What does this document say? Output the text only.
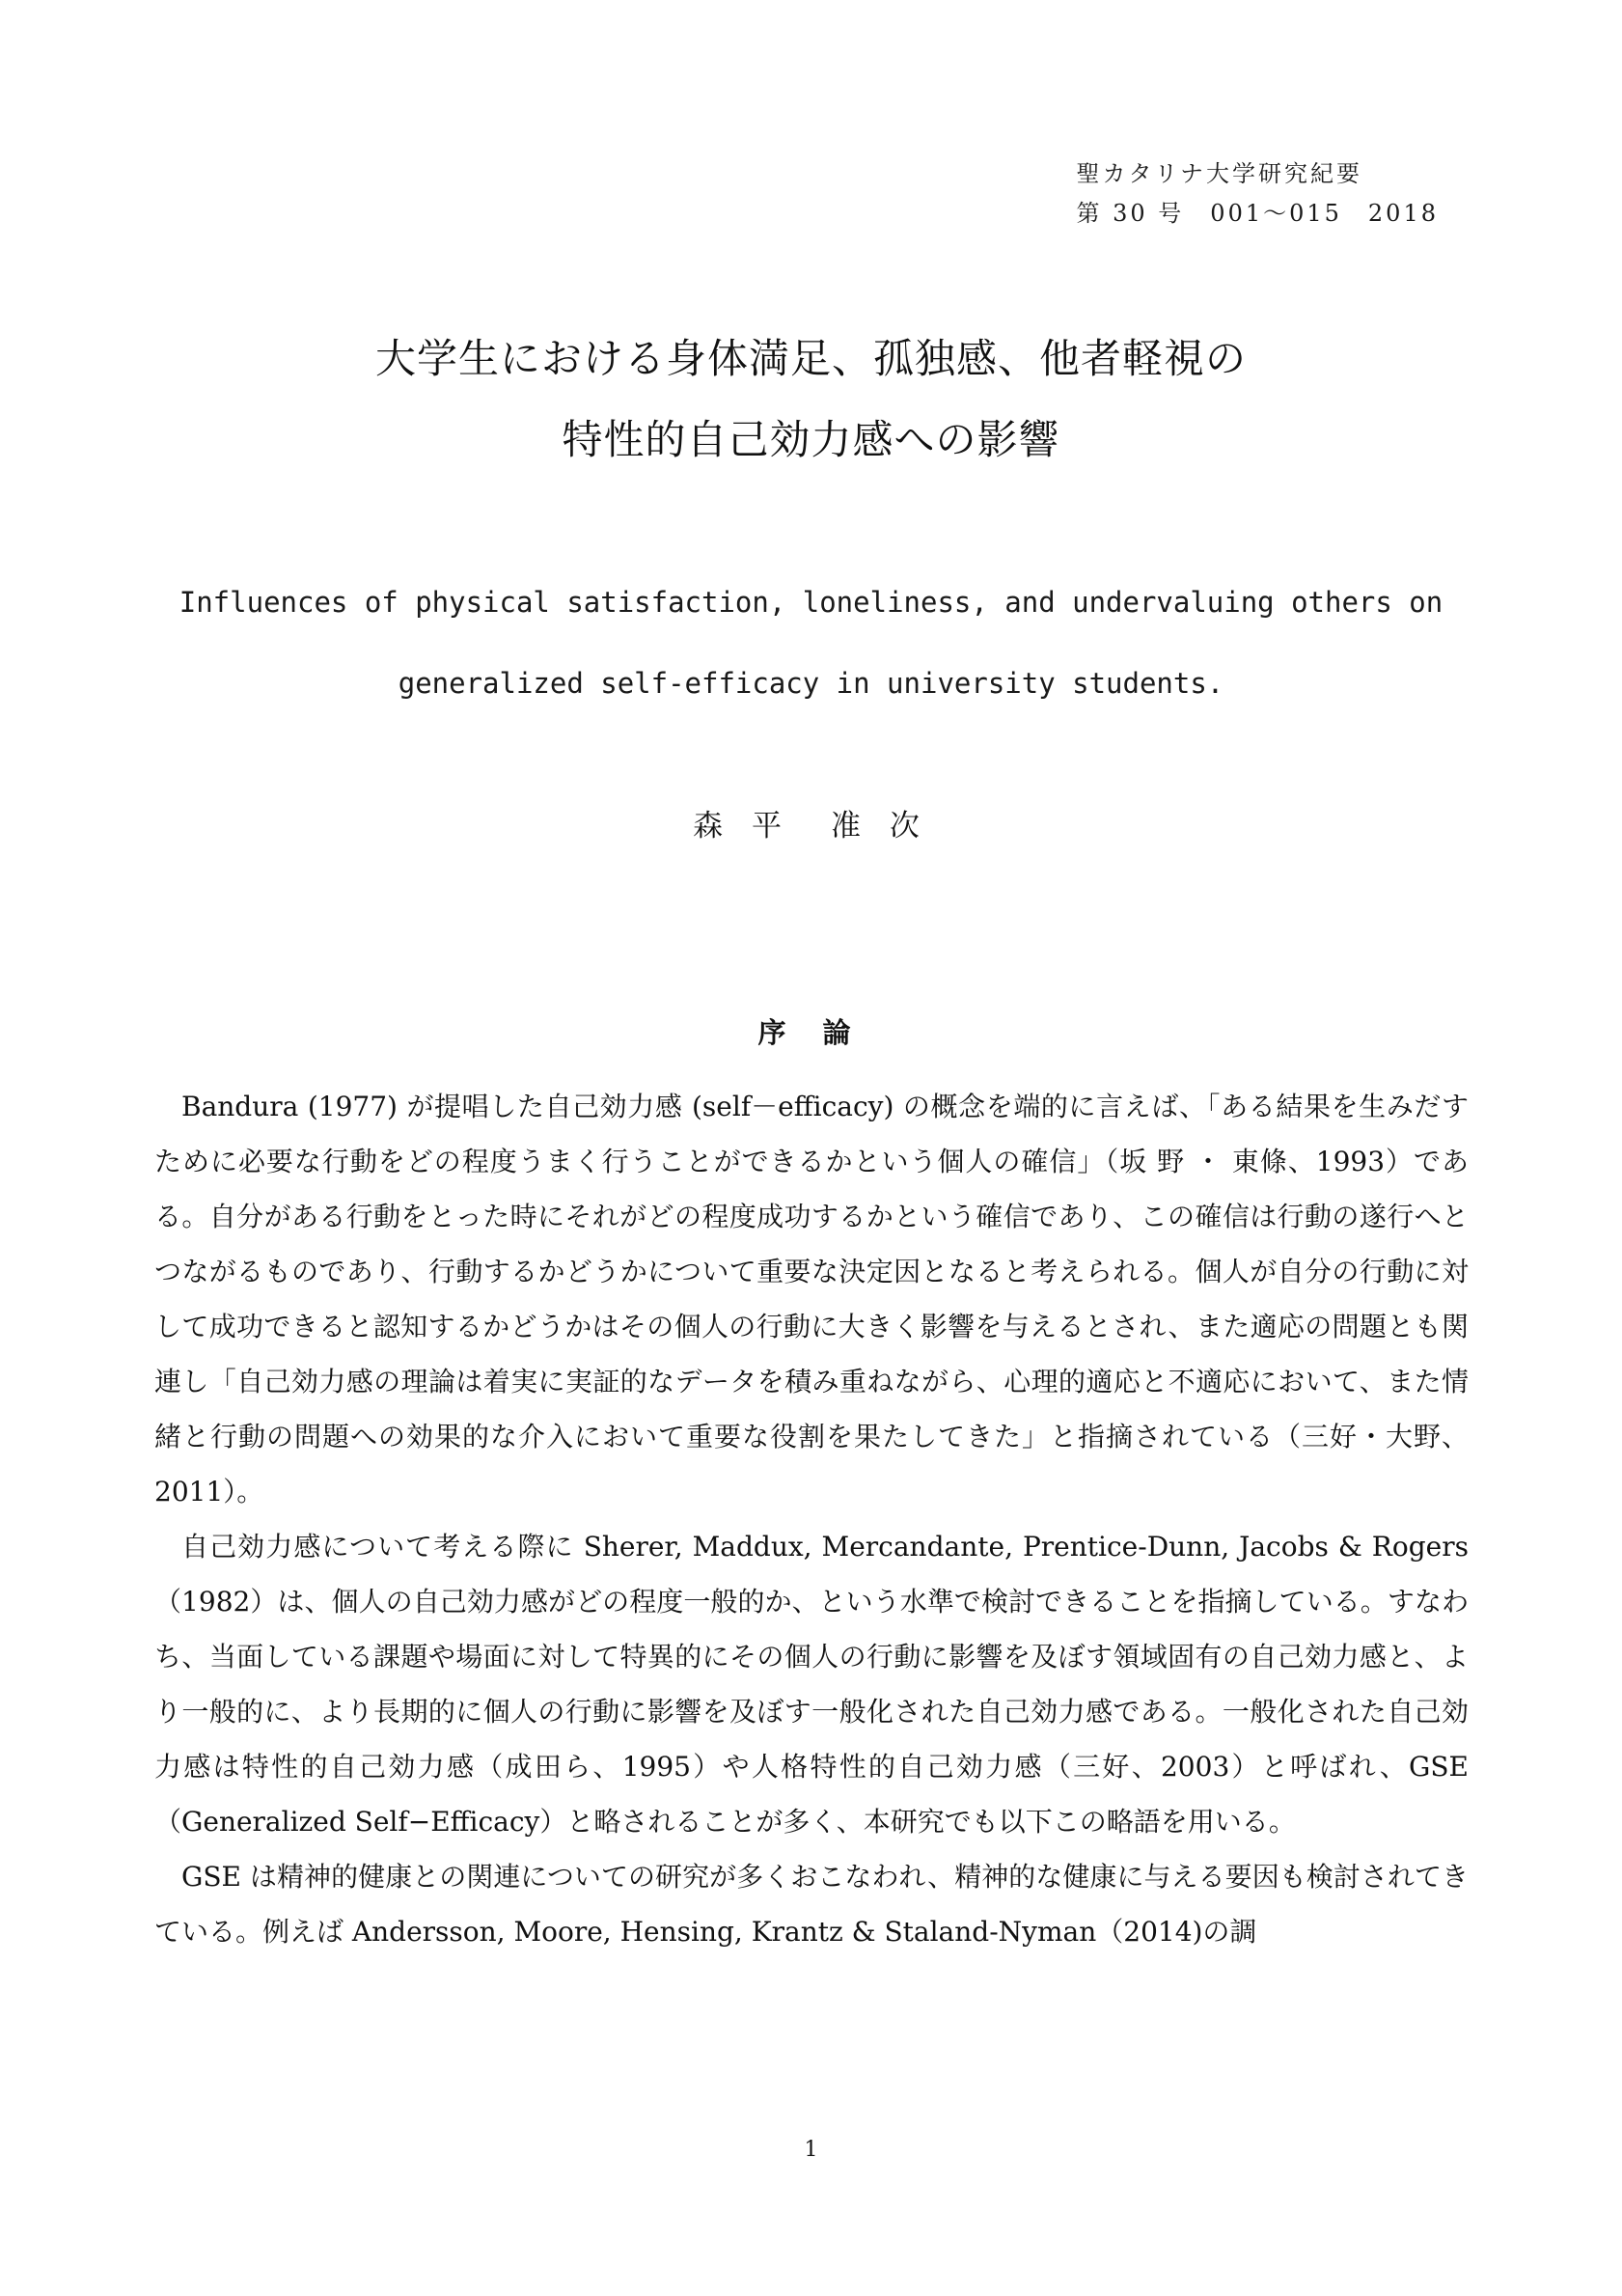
聖カタリナ大学研究紀要
第 30 号　001〜015　2018
大学生における身体満足、孤独感、他者軽視の
特性的自己効力感への影響
Influences of physical satisfaction, loneliness, and undervaluing others on
generalized self-efficacy in university students.
森 平　准 次
序 論

Bandura (1977) が提唱した自己効力感 (self－efficacy) の概念を端的に言えば、「ある結果を生みだすために必要な行動をどの程度うまく行うことができるかという個人の確信」（坂 野 ・ 東條、1993）である。自分がある行動をとった時にそれがどの程度成功するかという確信であり、この確信は行動の遂行へとつながるものであり、行動するかどうかについて重要な決定因となると考えられる。個人が自分の行動に対して成功できると認知するかどうかはその個人の行動に大きく影響を与えるとされ、また適応の問題とも関連し「自己効力感の理論は着実に実証的なデータを積み重ねながら、心理的適応と不適応において、また情緒と行動の問題への効果的な介入において重要な役割を果たしてきた」と指摘されている（三好・大野、2011）。

自己効力感について考える際に Sherer, Maddux, Mercandante, Prentice-Dunn, Jacobs & Rogers（1982）は、個人の自己効力感がどの程度一般的か、という水準で検討できることを指摘している。すなわち、当面している課題や場面に対して特異的にその個人の行動に影響を及ぼす領域固有の自己効力感と、より一般的に、より長期的に個人の行動に影響を及ぼす一般化された自己効力感である。一般化された自己効力感は特性的自己効力感（成田ら、1995）や人格特性的自己効力感（三好、2003）と呼ばれ、GSE（Generalized Self−Efficacy）と略されることが多く、本研究でも以下この略語を用いる。

GSE は精神的健康との関連についての研究が多くおこなわれ、精神的な健康に与える要因も検討されてきている。例えば Andersson, Moore, Hensing, Krantz & Staland-Nyman（2014)の調

1
